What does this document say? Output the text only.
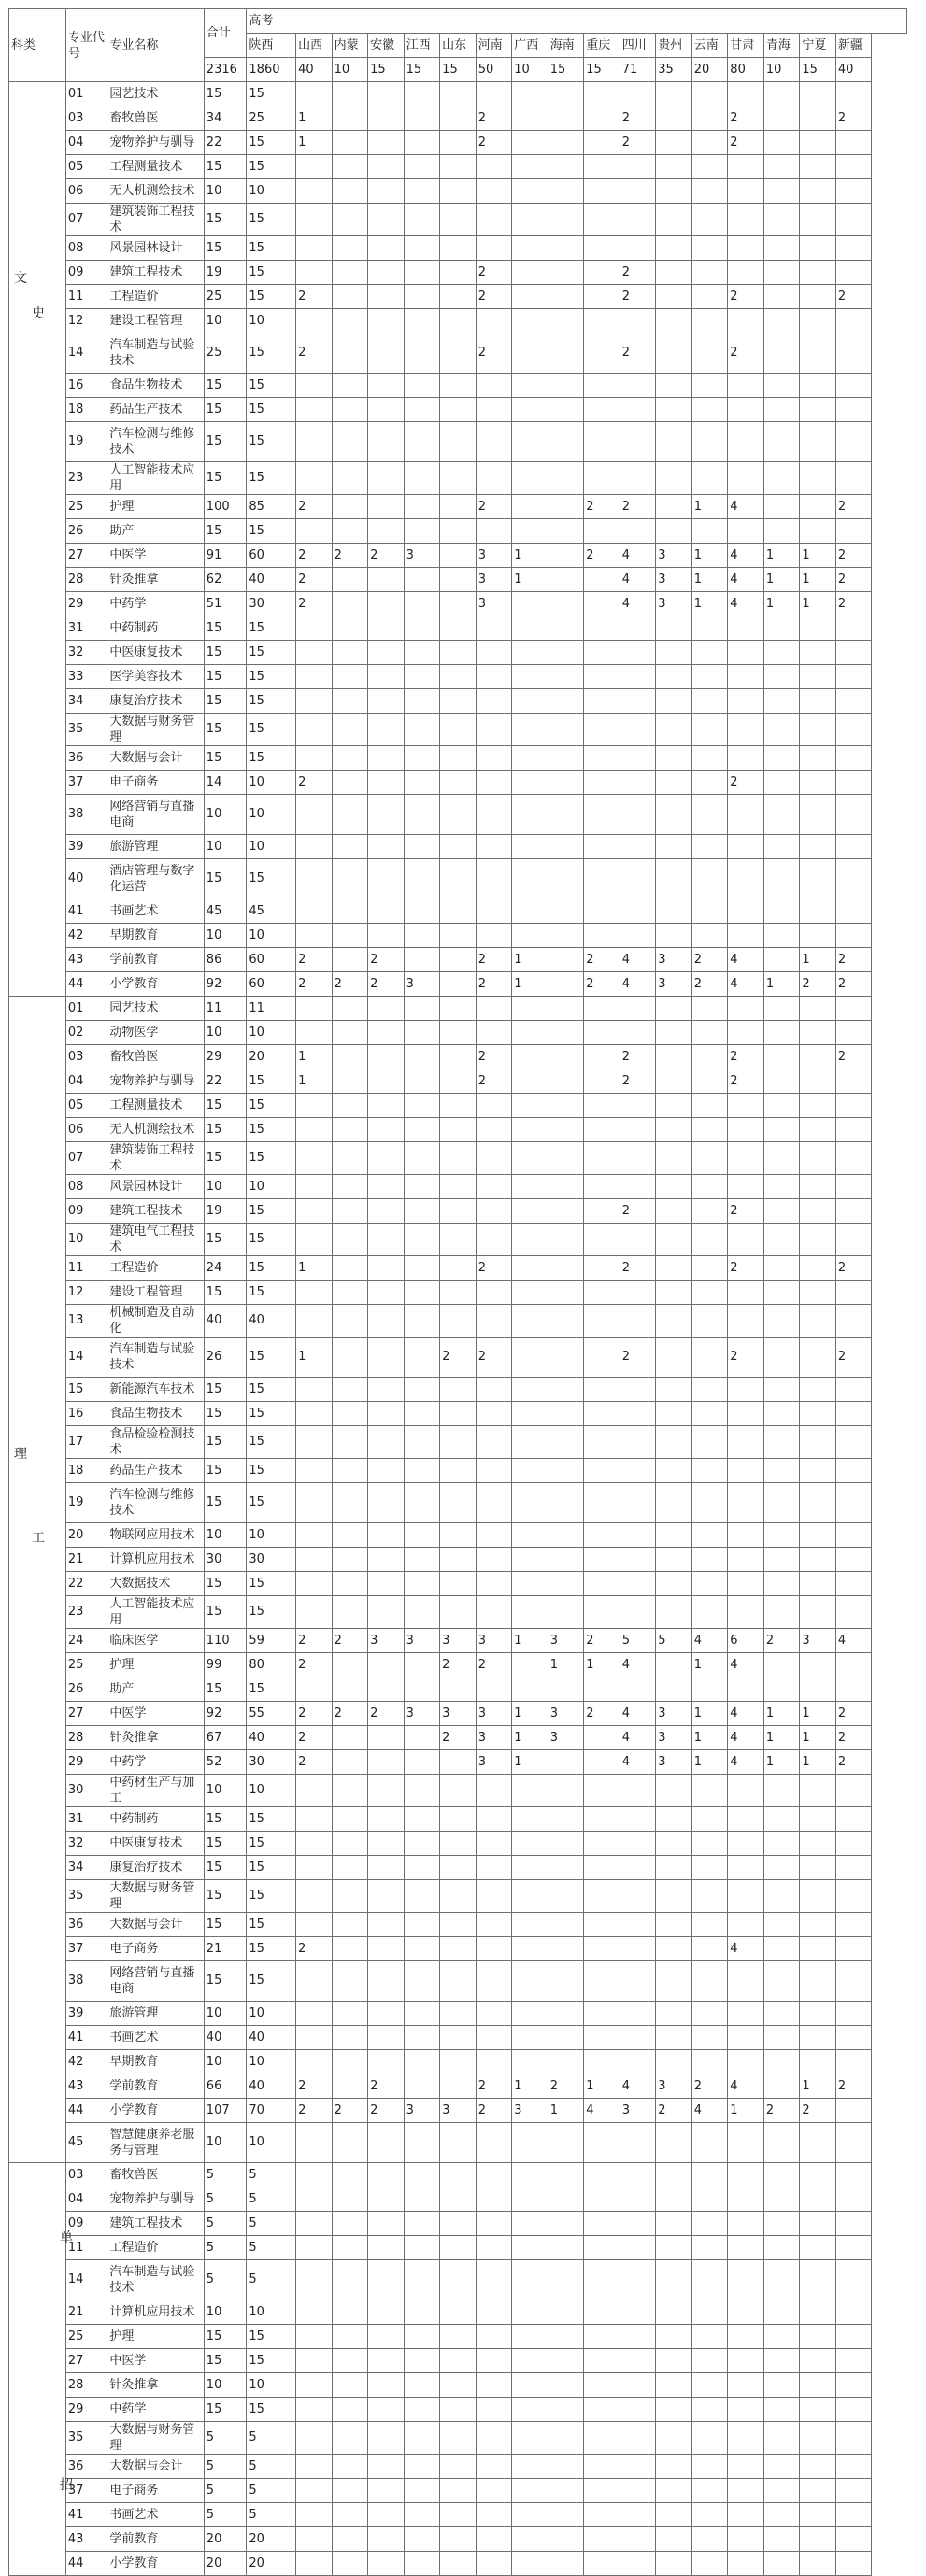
科类	专业代号	专业名称	合计	高考																
				陕西	山西	内蒙	安徽	江西	山东	河南	广西	海南	重庆	四川	贵州	云南	甘肃	青海	宁夏	新疆
			2316	1860	40	10	15	15	15	50	10	15	15	71	35	20	80	10	15	40

文
史	01	园艺技术	15	15																
	03	畜牧兽医	34	25	1					2				2			2			2
	04	宠物养护与驯导	22	15	1					2				2			2			
	05	工程测量技术	15	15																
	06	无人机测绘技术	10	10																
	07	建筑装饰工程技术	15	15																
	08	风景园林设计	15	15																
	09	建筑工程技术	19	15						2				2						
	11	工程造价	25	15	2					2				2			2			2
	12	建设工程管理	10	10																
	14	汽车制造与试验技术	25	15	2					2				2			2			
	16	食品生物技术	15	15																
	18	药品生产技术	15	15																
	19	汽车检测与维修技术	15	15																
	23	人工智能技术应用	15	15																
	25	护理	100	85	2					2			2	2		1	4			2
	26	助产	15	15																
	27	中医学	91	60	2	2	2	3		3	1		2	4	3	1	4	1	1	2
	28	针灸推拿	62	40	2					3	1			4	3	1	4	1	1	2
	29	中药学	51	30	2					3				4	3	1	4	1	1	2
	31	中药制药	15	15																
	32	中医康复技术	15	15																
	33	医学美容技术	15	15																
	34	康复治疗技术	15	15																
	35	大数据与财务管理	15	15																
	36	大数据与会计	15	15																
	37	电子商务	14	10	2												2			
	38	网络营销与直播电商	10	10																
	39	旅游管理	10	10																
	40	酒店管理与数字化运营	15	15																
	41	书画艺术	45	45																
	42	早期教育	10	10																
	43	学前教育	86	60	2		2			2	1		2	4	3	2	4		1	2
	44	小学教育	92	60	2	2	2	3		2	1		2	4	3	2	4	1	2	2

理
工	01	园艺技术	11	11																
	02	动物医学	10	10																
	03	畜牧兽医	29	20	1					2				2			2			2
	04	宠物养护与驯导	22	15	1					2				2			2			
	05	工程测量技术	15	15																
	06	无人机测绘技术	15	15																
	07	建筑装饰工程技术	15	15																
	08	风景园林设计	10	10																
	09	建筑工程技术	19	15										2			2			
	10	建筑电气工程技术	15	15																
	11	工程造价	24	15	1					2				2			2			2
	12	建设工程管理	15	15																
	13	机械制造及自动化	40	40																
	14	汽车制造与试验技术	26	15	1				2	2				2			2			2
	15	新能源汽车技术	15	15																
	16	食品生物技术	15	15																
	17	食品检验检测技术	15	15																
	18	药品生产技术	15	15																
	19	汽车检测与维修技术	15	15																
	20	物联网应用技术	10	10																
	21	计算机应用技术	30	30																
	22	大数据技术	15	15																
	23	人工智能技术应用	15	15																
	24	临床医学	110	59	2	2	3	3	3	3	1	3	2	5	5	4	6	2	3	4
	25	护理	99	80	2				2	2		1	1	4		1	4			
	26	助产	15	15																
	27	中医学	92	55	2	2	2	3	3	3	1	3	2	4	3	1	4	1	1	2
	28	针灸推拿	67	40	2				2	3	1	3		4	3	1	4	1	1	2
	29	中药学	52	30	2					3	1			4	3	1	4	1	1	2
	30	中药材生产与加工	10	10																
	31	中药制药	15	15																
	32	中医康复技术	15	15																
	34	康复治疗技术	15	15																
	35	大数据与财务管理	15	15																
	36	大数据与会计	15	15																
	37	电子商务	21	15	2												4			
	38	网络营销与直播电商	15	15																
	39	旅游管理	10	10																
	41	书画艺术	40	40																
	42	早期教育	10	10																
	43	学前教育	66	40	2		2			2	1	2	1	4	3	2	4		1	2
	44	小学教育	107	70	2	2	2	3	3	2	3	1	4	3	2	4	1	2	2	
	45	智慧健康养老服务与管理	10	10																

单
招	03	畜牧兽医	5	5																
	04	宠物养护与驯导	5	5																
	09	建筑工程技术	5	5																
	11	工程造价	5	5																
	14	汽车制造与试验技术	5	5																
	21	计算机应用技术	10	10																
	25	护理	15	15																
	27	中医学	15	15																
	28	针灸推拿	10	10																
	29	中药学	15	15																
	35	大数据与财务管理	5	5																
	36	大数据与会计	5	5																
	37	电子商务	5	5																
	41	书画艺术	5	5																
	43	学前教育	20	20																
	44	小学教育	20	20																
